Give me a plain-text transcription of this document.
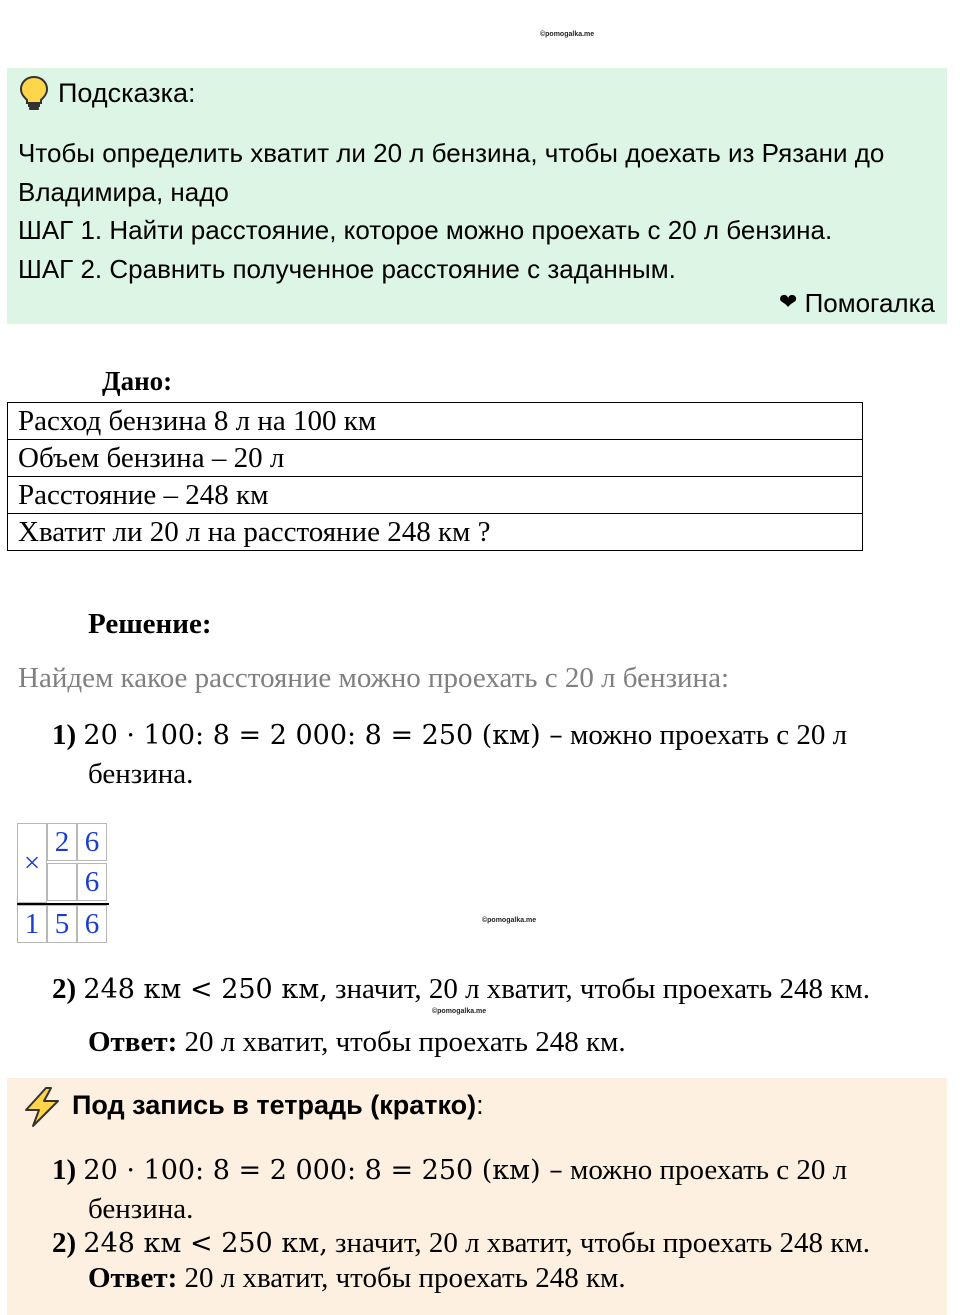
©pomogalka.me
Подсказка:
Чтобы определить хватит ли 20 л бензина, чтобы доехать из Рязани до Владимира, надо
ШАГ 1. Найти расстояние, которое можно проехать с 20 л бензина.
ШАГ 2. Сравнить полученное расстояние с заданным.
❤ Помогалка
Дано:
Расход бензина 8 л на 100 км
Объем бензина – 20 л
Расстояние – 248 км
Хватит ли 20 л на расстояние 248 км ?
Решение:
Найдем какое расстояние можно проехать с 20 л бензина:
1) 20 · 100: 8 = 2 000: 8 = 250 (км) – можно проехать с 20 л
бензина.
×
2 6
6
1 5 6	©pomogalka.me
2) 248 км < 250 км, значит, 20 л хватит, чтобы проехать 248 км.
©pomogalka.me
Ответ: 20 л хватит, чтобы проехать 248 км.
Под запись в тетрадь (кратко):
1) 20 · 100: 8 = 2 000: 8 = 250 (км) – можно проехать с 20 л
бензина.
2) 248 км < 250 км, значит, 20 л хватит, чтобы проехать 248 км.
Ответ: 20 л хватит, чтобы проехать 248 км.
